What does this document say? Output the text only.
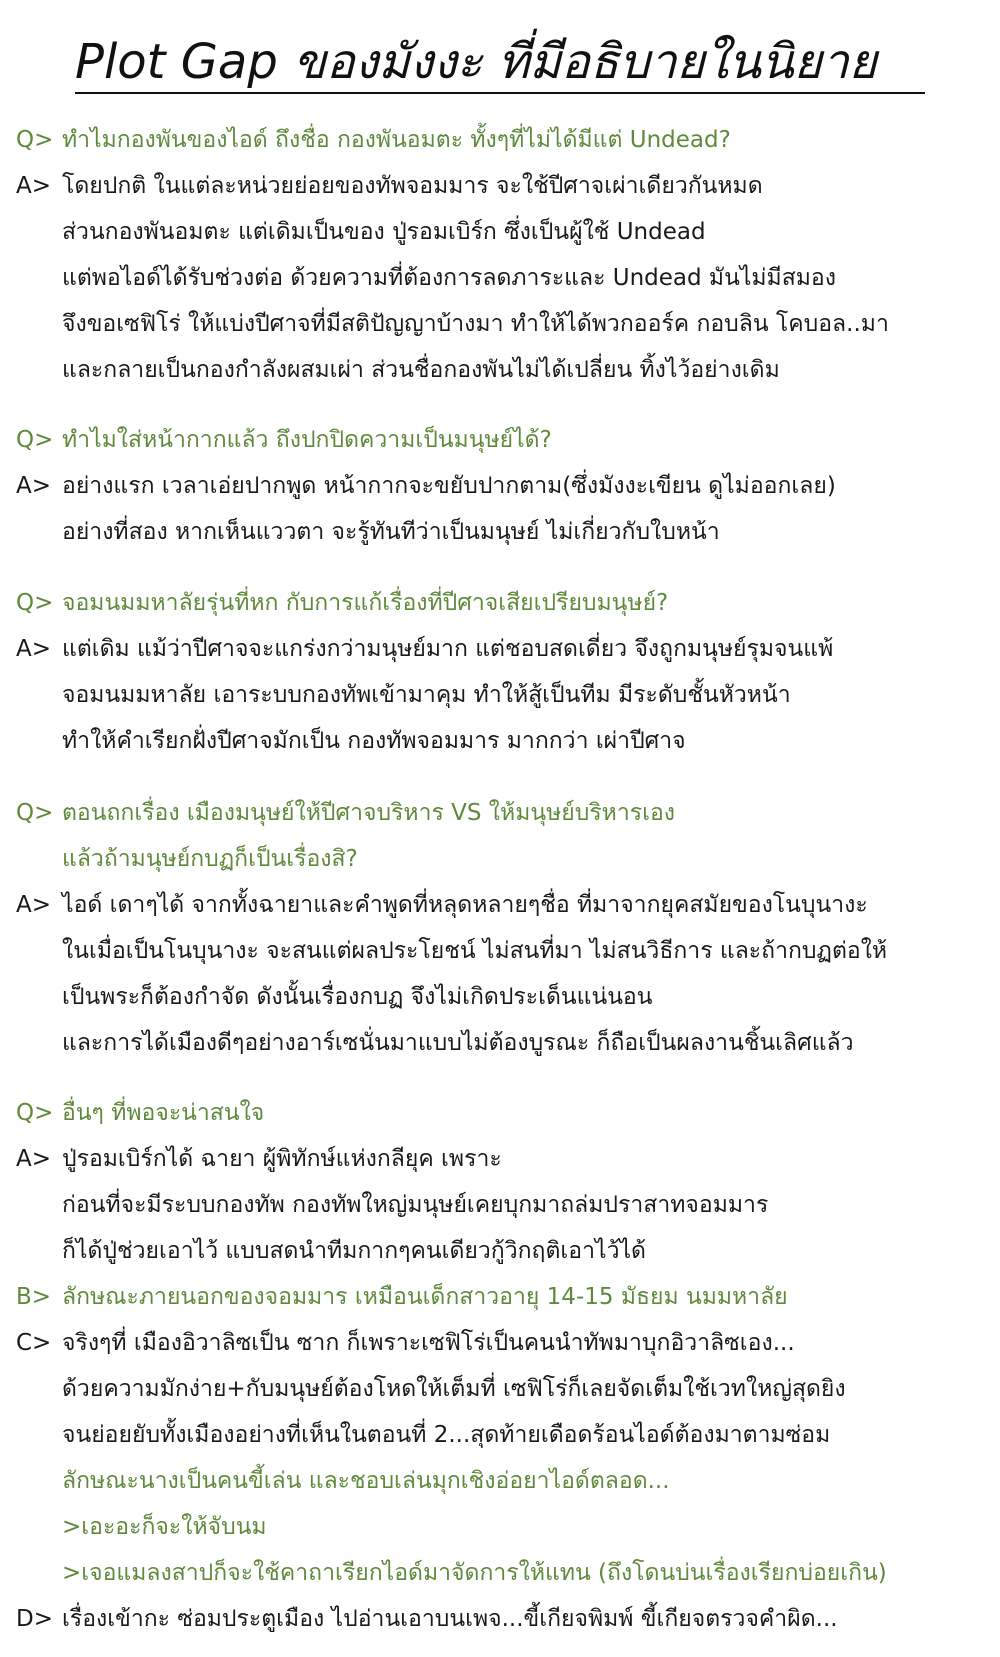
Plot Gap ของมังงะ ที่มีอธิบายในนิยาย
Q> ทำไมกองพันของไอด์ ถึงชื่อ กองพันอมตะ ทั้งๆที่ไม่ได้มีแต่ Undead?
A> โดยปกติ ในแต่ละหน่วยย่อยของทัพจอมมาร จะใช้ปีศาจเผ่าเดียวกันหมด
ส่วนกองพันอมตะ แต่เดิมเป็นของ ปู่รอมเบิร์ก ซึ่งเป็นผู้ใช้ Undead
แต่พอไอด์ได้รับช่วงต่อ ด้วยความที่ต้องการลดภาระและ Undead มันไม่มีสมอง
จึงขอเซฟิโร่ ให้แบ่งปีศาจที่มีสติปัญญาบ้างมา ทำให้ได้พวกออร์ค กอบลิน โคบอล..มา
และกลายเป็นกองกำลังผสมเผ่า ส่วนชื่อกองพันไม่ได้เปลี่ยน ทิ้งไว้อย่างเดิม
Q> ทำไมใส่หน้ากากแล้ว ถึงปกปิดความเป็นมนุษย์ได้?
A> อย่างแรก เวลาเอ่ยปากพูด หน้ากากจะขยับปากตาม(ซึ่งมังงะเขียน ดูไม่ออกเลย)
อย่างที่สอง หากเห็นแววตา จะรู้ทันทีว่าเป็นมนุษย์ ไม่เกี่ยวกับใบหน้า
Q> จอมนมมหาลัยรุ่นที่หก กับการแก้เรื่องที่ปีศาจเสียเปรียบมนุษย์?
A> แต่เดิม แม้ว่าปีศาจจะแกร่งกว่ามนุษย์มาก แต่ชอบสดเดี่ยว จึงถูกมนุษย์รุมจนแพ้
จอมนมมหาลัย เอาระบบกองทัพเข้ามาคุม ทำให้สู้เป็นทีม มีระดับชั้นหัวหน้า
ทำให้คำเรียกฝั่งปีศาจมักเป็น กองทัพจอมมาร มากกว่า เผ่าปีศาจ
Q> ตอนถกเรื่อง เมืองมนุษย์ให้ปีศาจบริหาร VS ให้มนุษย์บริหารเอง
แล้วถ้ามนุษย์กบฏก็เป็นเรื่องสิ?
A> ไอด์ เดาๆได้ จากทั้งฉายาและคำพูดที่หลุดหลายๆชื่อ ที่มาจากยุคสมัยของโนบุนางะ
ในเมื่อเป็นโนบุนางะ จะสนแต่ผลประโยชน์ ไม่สนที่มา ไม่สนวิธีการ และถ้ากบฏต่อให้
เป็นพระก็ต้องกำจัด ดังนั้นเรื่องกบฏ จึงไม่เกิดประเด็นแน่นอน
และการได้เมืองดีๆอย่างอาร์เซนั่นมาแบบไม่ต้องบูรณะ ก็ถือเป็นผลงานชิ้นเลิศแล้ว
Q> อื่นๆ ที่พอจะน่าสนใจ
A> ปู่รอมเบิร์กได้ ฉายา ผู้พิทักษ์แห่งกลียุค เพราะ
ก่อนที่จะมีระบบกองทัพ กองทัพใหญ่มนุษย์เคยบุกมาถล่มปราสาทจอมมาร
ก็ได้ปู่ช่วยเอาไว้ แบบสดนำทีมกากๆคนเดียวกู้วิกฤติเอาไว้ได้
B> ลักษณะภายนอกของจอมมาร เหมือนเด็กสาวอายุ 14-15 มัธยม นมมหาลัย
C> จริงๆที่ เมืองอิวาลิซเป็น ซาก ก็เพราะเซฟิโร่เป็นคนนำทัพมาบุกอิวาลิซเอง...
ด้วยความมักง่าย+กับมนุษย์ต้องโหดให้เต็มที่ เซฟิโร่ก็เลยจัดเต็มใช้เวทใหญ่สุดยิง
จนย่อยยับทั้งเมืองอย่างที่เห็นในตอนที่ 2...สุดท้ายเดือดร้อนไอด์ต้องมาตามซ่อม
ลักษณะนางเป็นคนขี้เล่น และชอบเล่นมุกเชิงอ่อยาไอด์ตลอด...
>เอะอะก็จะให้จับนม
>เจอแมลงสาปก็จะใช้คาถาเรียกไอด์มาจัดการให้แทน (ถึงโดนบ่นเรื่องเรียกบ่อยเกิน)
D> เรื่องเข้ากะ ซ่อมประตูเมือง ไปอ่านเอาบนเพจ...ขี้เกียจพิมพ์ ขี้เกียจตรวจคำผิด...
